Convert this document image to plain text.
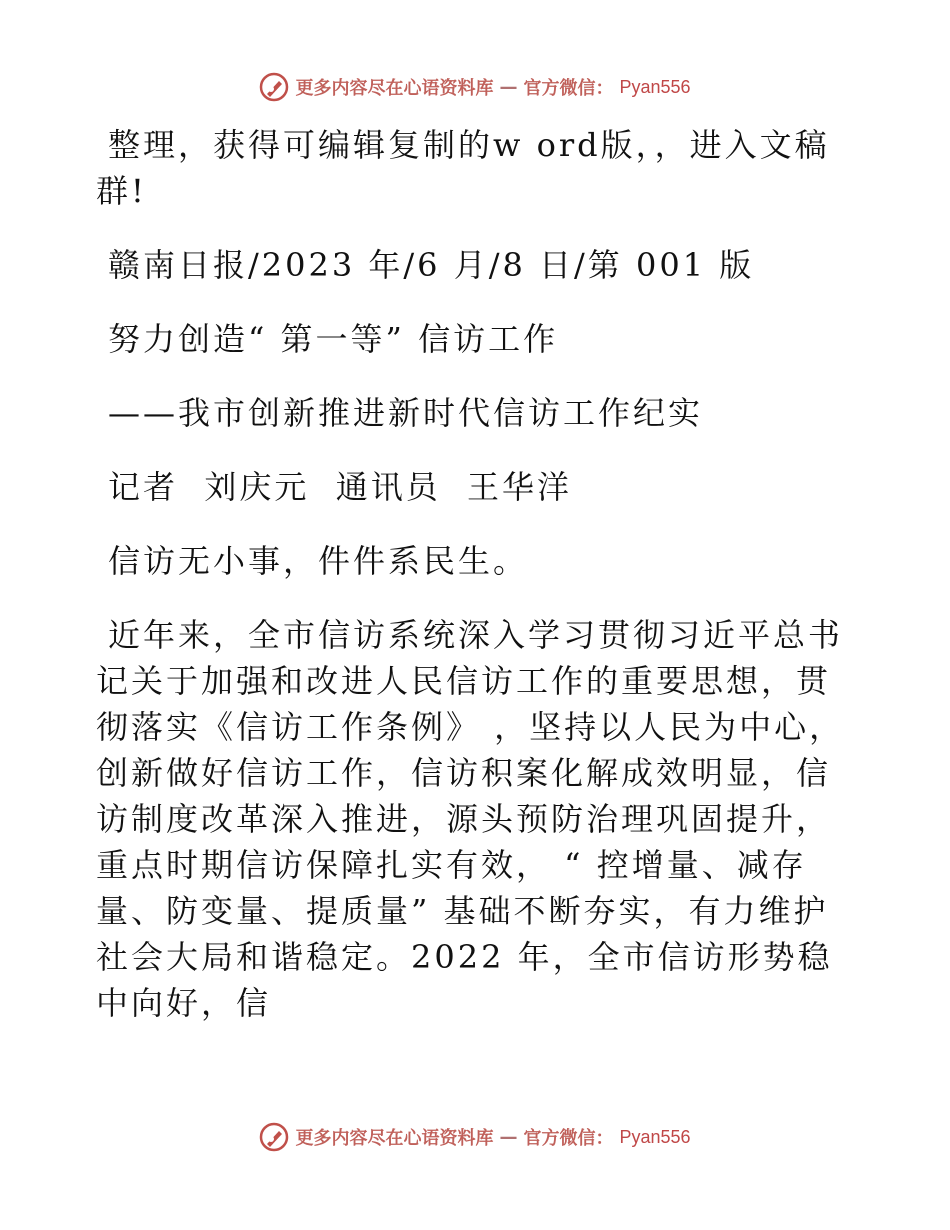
更多内容尽在心语资料库 — 官方微信： Pyan556

整理，获得可编辑复制的w ord版，，进入文稿群!

赣南日报/2023 年/6 月/8 日/第 001 版

努力创造“ 第一等” 信访工作

——我市创新推进新时代信访工作纪实

记者  刘庆元  通讯员  王华洋

信访无小事，件件系民生。

近年来，全市信访系统深入学习贯彻习近平总书记关于加强和改进人民信访工作的重要思想，贯彻落实《信访工作条例》 ，坚持以人民为中心，创新做好信访工作，信访积案化解成效明显，信访制度改革深入推进，源头预防治理巩固提升，重点时期信访保障扎实有效， “ 控增量、减存量、防变量、提质量” 基础不断夯实，有力维护社会大局和谐稳定。2022 年，全市信访形势稳中向好，信

更多内容尽在心语资料库 — 官方微信： Pyan556
